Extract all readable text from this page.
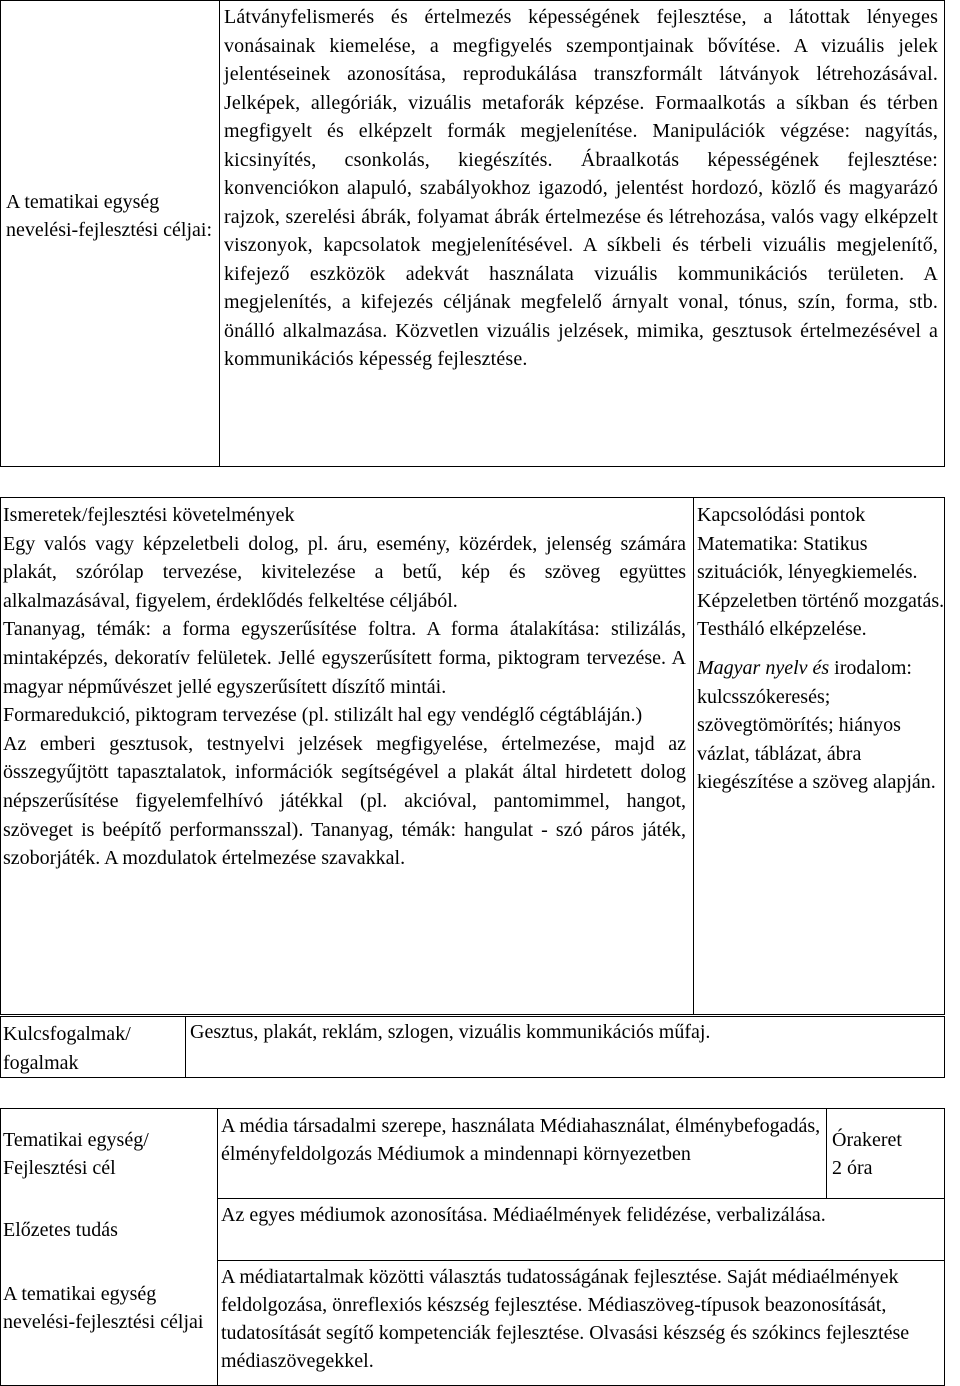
A tematikai egység nevelési-fejlesztési céljai:
Látványfelismerés és értelmezés képességének fejlesztése, a látottak lényeges vonásainak kiemelése, a megfigyelés szempontjainak bővítése. A vizuális jelek jelentéseinek azonosítása, reprodukálása transzformált látványok létrehozásával. Jelképek, allegóriák, vizuális metaforák képzése. Formaalkotás a síkban és térben megfigyelt és elképzelt formák megjelenítése. Manipulációk végzése: nagyítás, kicsinyítés, csonkolás, kiegészítés. Ábraalkotás képességének fejlesztése: konvenciókon alapuló, szabályokhoz igazodó, jelentést hordozó, közlő és magyarázó rajzok, szerelési ábrák, folyamat ábrák értelmezése és létrehozása, valós vagy elképzelt viszonyok, kapcsolatok megjelenítésével. A síkbeli és térbeli vizuális megjelenítő, kifejező eszközök adekvát használata vizuális kommunikációs területen. A megjelenítés, a kifejezés céljának megfelelő árnyalt vonal, tónus, szín, forma, stb. önálló alkalmazása. Közvetlen vizuális jelzések, mimika, gesztusok értelmezésével a kommunikációs képesség fejlesztése.

Ismeretek/fejlesztési követelmények

Egy valós vagy képzeletbeli dolog, pl. áru, esemény, közérdek, jelenség számára plakát, szórólap tervezése, kivitelezése a betű, kép és szöveg együttes alkalmazásával, figyelem, érdeklődés felkeltése céljából.

Tananyag, témák: a forma egyszerűsítése foltra. A forma átalakítása: stilizálás, mintaképzés, dekoratív felületek. Jellé egyszerűsített forma, piktogram tervezése. A magyar népművészet jellé egyszerűsített díszítő mintái.

Formaredukció, piktogram tervezése (pl. stilizált hal egy vendéglő cégtábláján.)

Az emberi gesztusok, testnyelvi jelzések megfigyelése, értelmezése, majd az összegyűjtött tapasztalatok, információk segítségével a plakát által hirdetett dolog népszerűsítése figyelemfelhívó játékkal (pl. akcióval, pantomimmel, hangot, szöveget is beépítő performansszal). Tananyag, témák: hangulat - szó páros játék, szoborjáték. A mozdulatok értelmezése szavakkal.

Kapcsolódási pontok

Matematika: Statikus szituációk, lényegkiemelés. Képzeletben történő mozgatás. Testháló elképzelése.

Magyar nyelv és irodalom: kulcsszókeresés; szövegtömörítés; hiányos vázlat, táblázat, ábra kiegészítése a szöveg alapján.

Kulcsfogalmak/ fogalmak
Gesztus, plakát, reklám, szlogen, vizuális kommunikációs műfaj.
Tematikai egység/ Fejlesztési cél
A média társadalmi szerepe, használata Médiahasználat, élménybefogadás, élményfeldolgozás Médiumok a mindennapi környezetben
Órakeret
2 óra
Előzetes tudás
Az egyes médiumok azonosítása. Médiaélmények felidézése, verbalizálása.
A tematikai egység nevelési-fejlesztési céljai
A médiatartalmak közötti választás tudatosságának fejlesztése. Saját médiaélmények feldolgozása, önreflexiós készség fejlesztése. Médiaszöveg-típusok beazonosítását, tudatosítását segítő kompetenciák fejlesztése. Olvasási készség és szókincs fejlesztése médiaszövegekkel.
